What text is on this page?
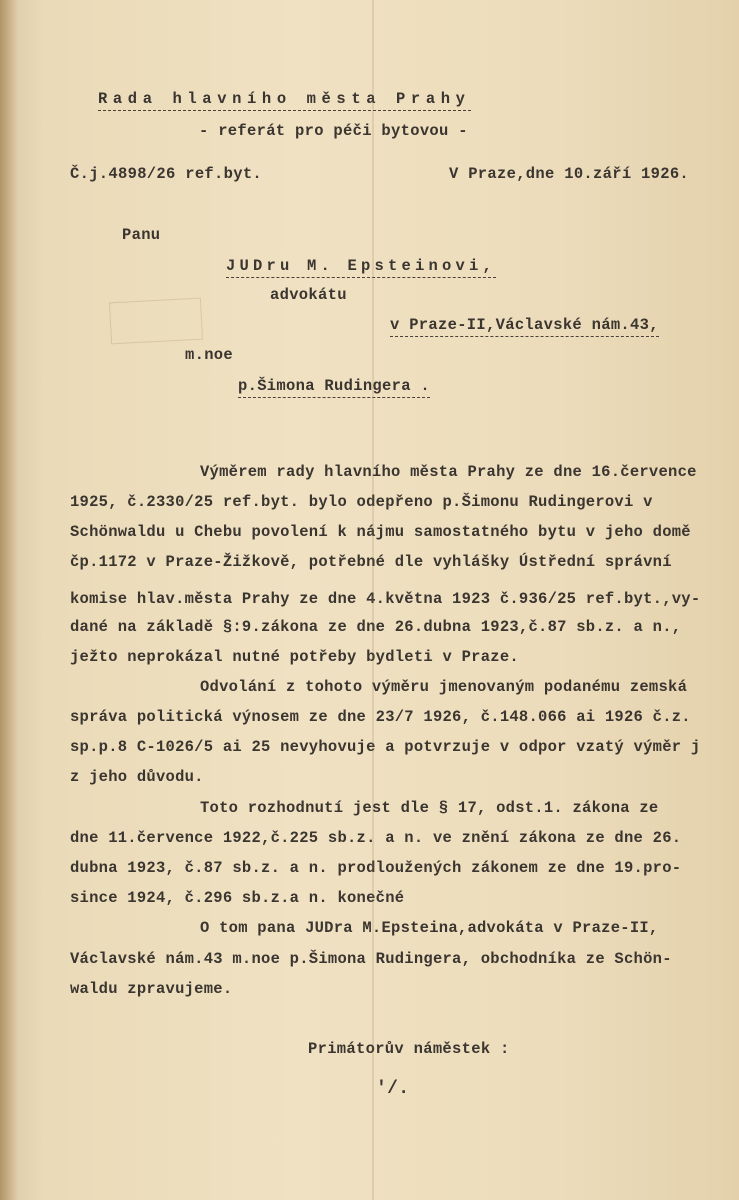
Rada hlavního města Prahy
- referát pro péči bytovou -
Č.j.4898/26 ref.byt.	V Praze,dne 10.září 1926.
Panu
JUDru M. Epsteinovi,
advokátu
v Praze-II,Václavské nám.43,
m.noe
p.Šimona Rudingera .
Výměrem rady hlavního města Prahy ze dne 16.července
1925, č.2330/25 ref.byt. bylo odepřeno p.Šimonu Rudingerovi v
Schönwaldu u Chebu povolení k nájmu samostatného bytu v jeho domě
čp.1172 v Praze-Žižkově, potřebné dle vyhlášky Ústřední správní
komise hlav.města Prahy ze dne 4.května 1923 č.936/25 ref.byt.,vy-
dané na základě §:9.zákona ze dne 26.dubna 1923,č.87 sb.z. a n.,
ježto neprokázal nutné potřeby bydleti v Praze.
Odvolání z tohoto výměru jmenovaným podanému zemská
správa politická výnosem ze dne 23/7 1926, č.148.066 ai 1926 č.z.
sp.p.8 C-1026/5 ai 25 nevyhovuje a potvrzuje v odpor vzatý výměr j
z jeho důvodu.
Toto rozhodnutí jest dle § 17, odst.1. zákona ze
dne 11.července 1922,č.225 sb.z. a n. ve znění zákona ze dne 26.
dubna 1923, č.87 sb.z. a n. prodloužených zákonem ze dne 19.pro-
since 1924, č.296 sb.z.a n. konečné
O tom pana JUDra M.Epsteina,advokáta v Praze-II,
Václavské nám.43 m.noe p.Šimona Rudingera, obchodníka ze Schön-
waldu zpravujeme.
Primátorův náměstek :
'/.
